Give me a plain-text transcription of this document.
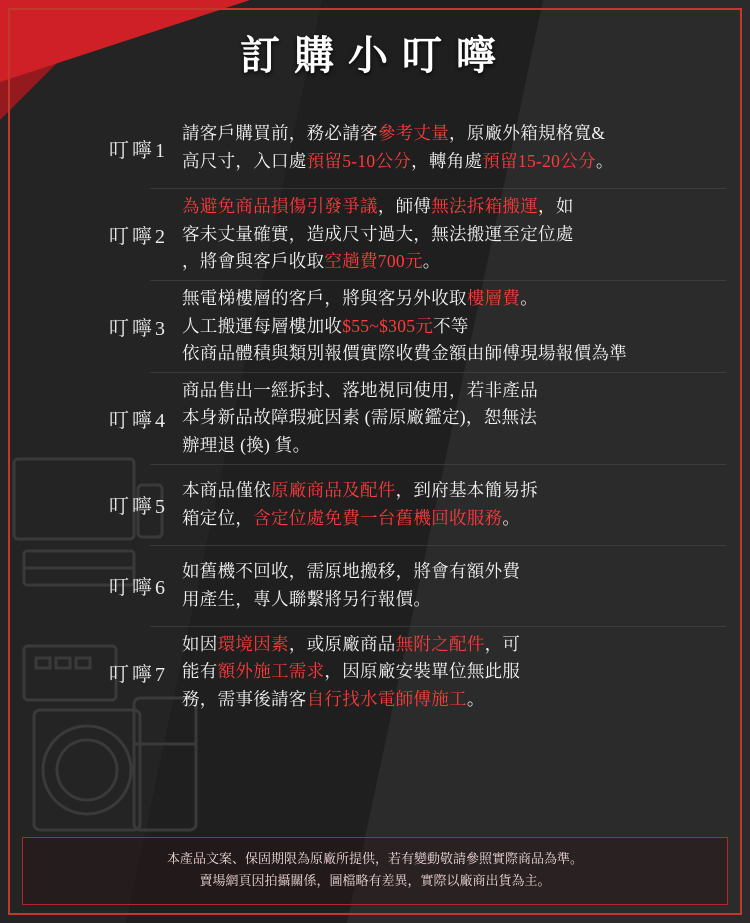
訂購小叮嚀
叮嚀1
請客戶購買前，務必請客參考丈量，原廠外箱規格寬&
高尺寸，入口處預留5-10公分，轉角處預留15-20公分。
叮嚀2
為避免商品損傷引發爭議，師傅無法拆箱搬運，如
客未丈量確實，造成尺寸過大，無法搬運至定位處
，將會與客戶收取空趟費700元。
叮嚀3
無電梯樓層的客戶，將與客另外收取樓層費。
人工搬運每層樓加收$55~$305元不等
依商品體積與類別報價實際收費金額由師傅現場報價為準
叮嚀4
商品售出一經拆封、落地視同使用，若非產品
本身新品故障瑕疵因素 (需原廠鑑定)，恕無法
辦理退 (換) 貨。
叮嚀5
本商品僅依原廠商品及配件，到府基本簡易拆
箱定位，含定位處免費一台舊機回收服務。
叮嚀6
如舊機不回收，需原地搬移，將會有額外費
用產生，專人聯繫將另行報價。
叮嚀7
如因環境因素，或原廠商品無附之配件，可
能有額外施工需求，因原廠安裝單位無此服
務，需事後請客自行找水電師傅施工。
本產品文案、保固期限為原廠所提供，若有變動敬請參照實際商品為準。
賣場網頁因拍攝關係，圖檔略有差異，實際以廠商出貨為主。
